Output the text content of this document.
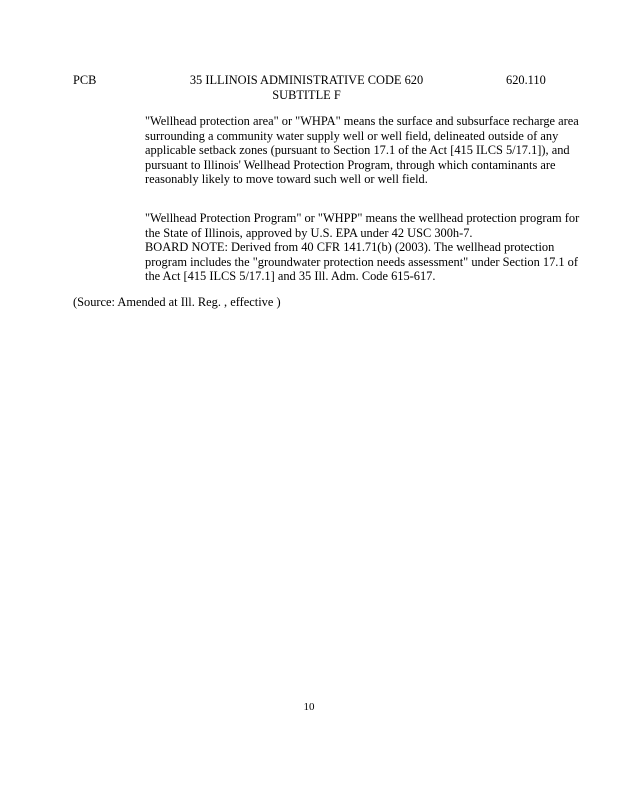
PCB	35 ILLINOIS ADMINISTRATIVE CODE 620
SUBTITLE F
620.110

"Wellhead protection area" or "WHPA" means the surface and subsurface recharge area surrounding a community water supply well or well field, delineated outside of any applicable setback zones (pursuant to Section 17.1 of the Act [415 ILCS 5/17.1]), and pursuant to Illinois' Wellhead Protection Program, through which contaminants are reasonably likely to move toward such well or well field.

"Wellhead Protection Program" or "WHPP" means the wellhead protection program for the State of Illinois, approved by U.S. EPA under 42 USC 300h-7.
BOARD NOTE: Derived from 40 CFR 141.71(b) (2003). The wellhead protection program includes the "groundwater protection needs assessment" under Section 17.1 of the Act [415 ILCS 5/17.1] and 35 Ill. Adm. Code 615-617.

(Source: Amended at Ill. Reg. , effective )

10
